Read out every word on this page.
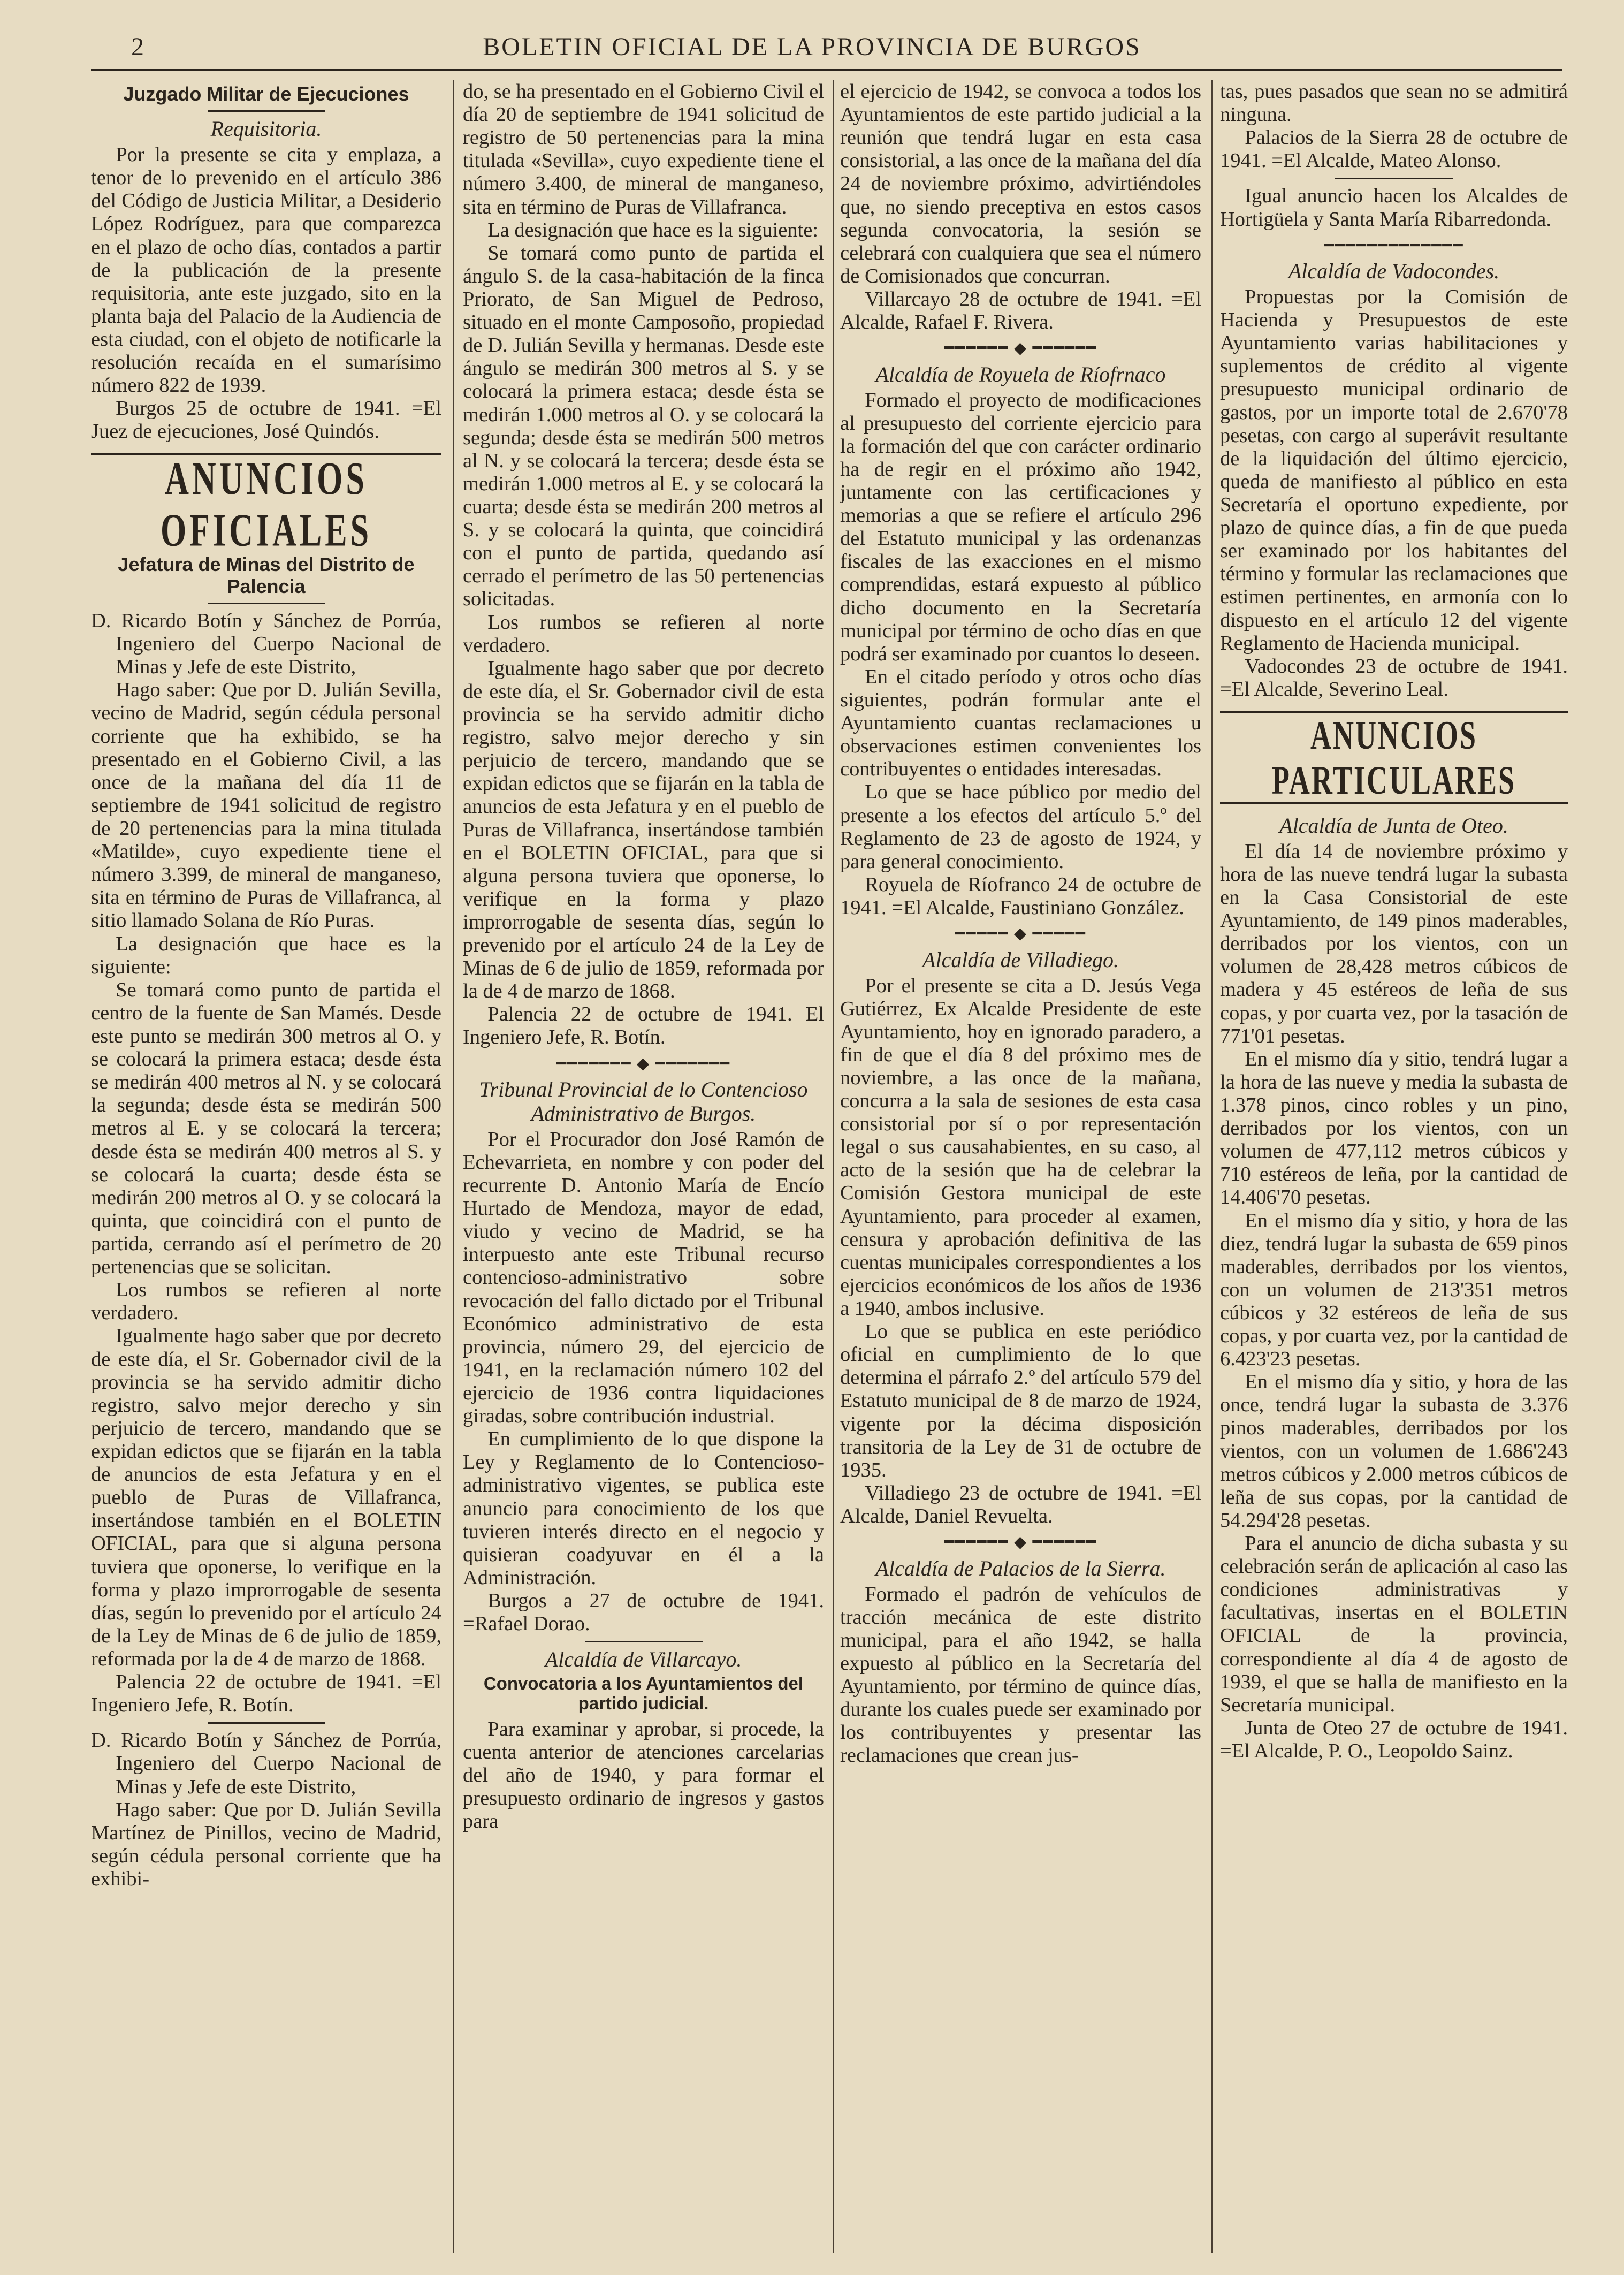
2	BOLETIN OFICIAL DE LA PROVINCIA DE BURGOS
Juzgado Militar de Ejecuciones
Requisitoria.

Por la presente se cita y emplaza, a tenor de lo prevenido en el artículo 386 del Código de Justicia Militar, a Desiderio López Rodríguez, para que comparezca en el plazo de ocho días, contados a partir de la publicación de la presente requisitoria, ante este juzgado, sito en la planta baja del Palacio de la Audiencia de esta ciudad, con el objeto de notificarle la resolución recaída en el sumarísimo número 822 de 1939.

Burgos 25 de octubre de 1941. =El Juez de ejecuciones, José Quindós.

ANUNCIOS OFICIALES
Jefatura de Minas del Distrito de Palencia

D. Ricardo Botín y Sánchez de Porrúa, Ingeniero del Cuerpo Nacional de Minas y Jefe de este Distrito,

Hago saber: Que por D. Julián Sevilla, vecino de Madrid, según cédula personal corriente que ha exhibido, se ha presentado en el Gobierno Civil, a las once de la mañana del día 11 de septiembre de 1941 solicitud de registro de 20 pertenencias para la mina titulada «Matilde», cuyo expediente tiene el número 3.399, de mineral de manganeso, sita en término de Puras de Villafranca, al sitio llamado Solana de Río Puras.

La designación que hace es la siguiente:

Se tomará como punto de partida el centro de la fuente de San Mamés. Desde este punto se medirán 300 metros al O. y se colocará la primera estaca; desde ésta se medirán 400 metros al N. y se colocará la segunda; desde ésta se medirán 500 metros al E. y se colocará la tercera; desde ésta se medirán 400 metros al S. y se colocará la cuarta; desde ésta se medirán 200 metros al O. y se colocará la quinta, que coincidirá con el punto de partida, cerrando así el perímetro de 20 pertenencias que se solicitan.

Los rumbos se refieren al norte verdadero.

Igualmente hago saber que por decreto de este día, el Sr. Gobernador civil de la provincia se ha servido admitir dicho registro, salvo mejor derecho y sin perjuicio de tercero, mandando que se expidan edictos que se fijarán en la tabla de anuncios de esta Jefatura y en el pueblo de Puras de Villafranca, insertándose también en el BOLETIN OFICIAL, para que si alguna persona tuviera que oponerse, lo verifique en la forma y plazo improrrogable de sesenta días, según lo prevenido por el artículo 24 de la Ley de Minas de 6 de julio de 1859, reformada por la de 4 de marzo de 1868.

Palencia 22 de octubre de 1941. =El Ingeniero Jefe, R. Botín.

D. Ricardo Botín y Sánchez de Porrúa, Ingeniero del Cuerpo Nacional de Minas y Jefe de este Distrito,

Hago saber: Que por D. Julián Sevilla Martínez de Pinillos, vecino de Madrid, según cédula personal corriente que ha exhibi-

do, se ha presentado en el Gobierno Civil el día 20 de septiembre de 1941 solicitud de registro de 50 pertenencias para la mina titulada «Sevilla», cuyo expediente tiene el número 3.400, de mineral de manganeso, sita en término de Puras de Villafranca.

La designación que hace es la siguiente:

Se tomará como punto de partida el ángulo S. de la casa-habitación de la finca Priorato, de San Miguel de Pedroso, situado en el monte Camposoño, propiedad de D. Julián Sevilla y hermanas. Desde este ángulo se medirán 300 metros al S. y se colocará la primera estaca; desde ésta se medirán 1.000 metros al O. y se colocará la segunda; desde ésta se medirán 500 metros al N. y se colocará la tercera; desde ésta se medirán 1.000 metros al E. y se colocará la cuarta; desde ésta se medirán 200 metros al S. y se colocará la quinta, que coincidirá con el punto de partida, quedando así cerrado el perímetro de las 50 pertenencias solicitadas.

Los rumbos se refieren al norte verdadero.

Igualmente hago saber que por decreto de este día, el Sr. Gobernador civil de esta provincia se ha servido admitir dicho registro, salvo mejor derecho y sin perjuicio de tercero, mandando que se expidan edictos que se fijarán en la tabla de anuncios de esta Jefatura y en el pueblo de Puras de Villafranca, insertándose también en el BOLETIN OFICIAL, para que si alguna persona tuviera que oponerse, lo verifique en la forma y plazo improrrogable de sesenta días, según lo prevenido por el artículo 24 de la Ley de Minas de 6 de julio de 1859, reformada por la de 4 de marzo de 1868.

Palencia 22 de octubre de 1941. El Ingeniero Jefe, R. Botín.

━━━━━━━ ◆ ━━━━━━━
Tribunal Provincial de lo Contencioso Administrativo de Burgos.

Por el Procurador don José Ramón de Echevarrieta, en nombre y con poder del recurrente D. Antonio María de Encío Hurtado de Mendoza, mayor de edad, viudo y vecino de Madrid, se ha interpuesto ante este Tribunal recurso contencioso-administrativo sobre revocación del fallo dictado por el Tribunal Económico administrativo de esta provincia, número 29, del ejercicio de 1941, en la reclamación número 102 del ejercicio de 1936 contra liquidaciones giradas, sobre contribución industrial.

En cumplimiento de lo que dispone la Ley y Reglamento de lo Contencioso-administrativo vigentes, se publica este anuncio para conocimiento de los que tuvieren interés directo en el negocio y quisieran coadyuvar en él a la Administración.

Burgos a 27 de octubre de 1941. =Rafael Dorao.

Alcaldía de Villarcayo.
Convocatoria a los Ayuntamientos del partido judicial.

Para examinar y aprobar, si procede, la cuenta anterior de atenciones carcelarias del año de 1940, y para formar el presupuesto ordinario de ingresos y gastos para

el ejercicio de 1942, se convoca a todos los Ayuntamientos de este partido judicial a la reunión que tendrá lugar en esta casa consistorial, a las once de la mañana del día 24 de noviembre próximo, advirtiéndoles que, no siendo preceptiva en estos casos segunda convocatoria, la sesión se celebrará con cualquiera que sea el número de Comisionados que concurran.

Villarcayo 28 de octubre de 1941. =El Alcalde, Rafael F. Rivera.

━━━━━━ ◆ ━━━━━━
Alcaldía de Royuela de Ríofrnaco

Formado el proyecto de modificaciones al presupuesto del corriente ejercicio para la formación del que con carácter ordinario ha de regir en el próximo año 1942, juntamente con las certificaciones y memorias a que se refiere el artículo 296 del Estatuto municipal y las ordenanzas fiscales de las exacciones en el mismo comprendidas, estará expuesto al público dicho documento en la Secretaría municipal por término de ocho días en que podrá ser examinado por cuantos lo deseen.

En el citado período y otros ocho días siguientes, podrán formular ante el Ayuntamiento cuantas reclamaciones u observaciones estimen convenientes los contribuyentes o entidades interesadas.

Lo que se hace público por medio del presente a los efectos del artículo 5.º del Reglamento de 23 de agosto de 1924, y para general conocimiento.

Royuela de Ríofranco 24 de octubre de 1941. =El Alcalde, Faustiniano González.

━━━━━ ◆ ━━━━━
Alcaldía de Villadiego.

Por el presente se cita a D. Jesús Vega Gutiérrez, Ex Alcalde Presidente de este Ayuntamiento, hoy en ignorado paradero, a fin de que el día 8 del próximo mes de noviembre, a las once de la mañana, concurra a la sala de sesiones de esta casa consistorial por sí o por representación legal o sus causahabientes, en su caso, al acto de la sesión que ha de celebrar la Comisión Gestora municipal de este Ayuntamiento, para proceder al examen, censura y aprobación definitiva de las cuentas municipales correspondientes a los ejercicios económicos de los años de 1936 a 1940, ambos inclusive.

Lo que se publica en este periódico oficial en cumplimiento de lo que determina el párrafo 2.º del artículo 579 del Estatuto municipal de 8 de marzo de 1924, vigente por la décima disposición transitoria de la Ley de 31 de octubre de 1935.

Villadiego 23 de octubre de 1941. =El Alcalde, Daniel Revuelta.

━━━━━━ ◆ ━━━━━━
Alcaldía de Palacios de la Sierra.

Formado el padrón de vehículos de tracción mecánica de este distrito municipal, para el año 1942, se halla expuesto al público en la Secretaría del Ayuntamiento, por término de quince días, durante los cuales puede ser examinado por los contribuyentes y presentar las reclamaciones que crean jus-

tas, pues pasados que sean no se admitirá ninguna.

Palacios de la Sierra 28 de octubre de 1941. =El Alcalde, Mateo Alonso.

Igual anuncio hacen los Alcaldes de Hortigüela y Santa María Ribarredonda.

━━━━━━━━━━━━━
Alcaldía de Vadocondes.

Propuestas por la Comisión de Hacienda y Presupuestos de este Ayuntamiento varias habilitaciones y suplementos de crédito al vigente presupuesto municipal ordinario de gastos, por un importe total de 2.670'78 pesetas, con cargo al superávit resultante de la liquidación del último ejercicio, queda de manifiesto al público en esta Secretaría el oportuno expediente, por plazo de quince días, a fin de que pueda ser examinado por los habitantes del término y formular las reclamaciones que estimen pertinentes, en armonía con lo dispuesto en el artículo 12 del vigente Reglamento de Hacienda municipal.

Vadocondes 23 de octubre de 1941. =El Alcalde, Severino Leal.

ANUNCIOS PARTICULARES
Alcaldía de Junta de Oteo.

El día 14 de noviembre próximo y hora de las nueve tendrá lugar la subasta en la Casa Consistorial de este Ayuntamiento, de 149 pinos maderables, derribados por los vientos, con un volumen de 28,428 metros cúbicos de madera y 45 estéreos de leña de sus copas, y por cuarta vez, por la tasación de 771'01 pesetas.

En el mismo día y sitio, tendrá lugar a la hora de las nueve y media la subasta de 1.378 pinos, cinco robles y un pino, derribados por los vientos, con un volumen de 477,112 metros cúbicos y 710 estéreos de leña, por la cantidad de 14.406'70 pesetas.

En el mismo día y sitio, y hora de las diez, tendrá lugar la subasta de 659 pinos maderables, derribados por los vientos, con un volumen de 213'351 metros cúbicos y 32 estéreos de leña de sus copas, y por cuarta vez, por la cantidad de 6.423'23 pesetas.

En el mismo día y sitio, y hora de las once, tendrá lugar la subasta de 3.376 pinos maderables, derribados por los vientos, con un volumen de 1.686'243 metros cúbicos y 2.000 metros cúbicos de leña de sus copas, por la cantidad de 54.294'28 pesetas.

Para el anuncio de dicha subasta y su celebración serán de aplicación al caso las condiciones administrativas y facultativas, insertas en el BOLETIN OFICIAL de la provincia, correspondiente al día 4 de agosto de 1939, el que se halla de manifiesto en la Secretaría municipal.

Junta de Oteo 27 de octubre de 1941. =El Alcalde, P. O., Leopoldo Sainz.
